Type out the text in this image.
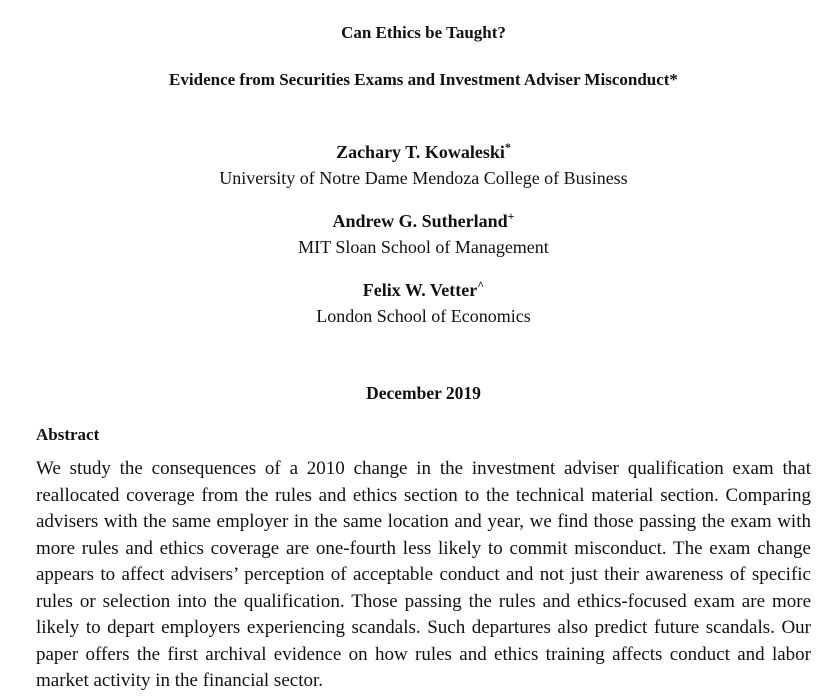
Can Ethics be Taught?

Evidence from Securities Exams and Investment Adviser Misconduct*

Zachary T. Kowaleski*

University of Notre Dame Mendoza College of Business

Andrew G. Sutherland+

MIT Sloan School of Management

Felix W. Vetter^

London School of Economics

December 2019

Abstract

We study the consequences of a 2010 change in the investment adviser qualification exam that reallocated coverage from the rules and ethics section to the technical material section. Comparing advisers with the same employer in the same location and year, we find those passing the exam with more rules and ethics coverage are one-fourth less likely to commit misconduct. The exam change appears to affect advisers’ perception of acceptable conduct and not just their awareness of specific rules or selection into the qualification. Those passing the rules and ethics-focused exam are more likely to depart employers experiencing scandals. Such departures also predict future scandals. Our paper offers the first archival evidence on how rules and ethics training affects conduct and labor market activity in the financial sector.
